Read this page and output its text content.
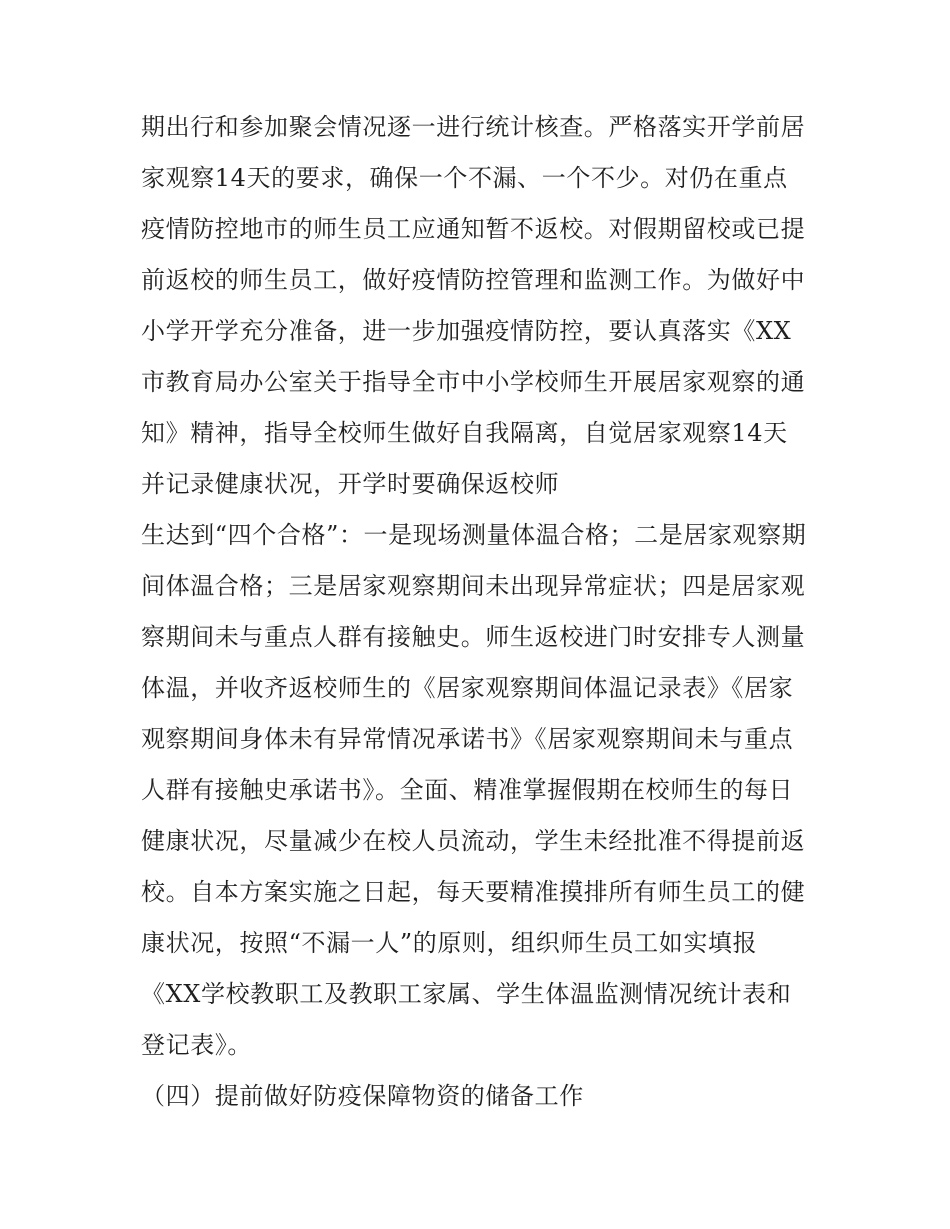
期出行和参加聚会情况逐一进行统计核查。严格落实开学前居

家观察14天的要求，确保一个不漏、一个不少。对仍在重点

疫情防控地市的师生员工应通知暂不返校。对假期留校或已提

前返校的师生员工，做好疫情防控管理和监测工作。为做好中

小学开学充分准备，进一步加强疫情防控，要认真落实《XX

市教育局办公室关于指导全市中小学校师生开展居家观察的通

知》精神，指导全校师生做好自我隔离，自觉居家观察14天

并记录健康状况，开学时要确保返校师

生达到“四个合格”：一是现场测量体温合格；二是居家观察期

间体温合格；三是居家观察期间未出现异常症状；四是居家观

察期间未与重点人群有接触史。师生返校进门时安排专人测量

体温，并收齐返校师生的《居家观察期间体温记录表》《居家

观察期间身体未有异常情况承诺书》《居家观察期间未与重点

人群有接触史承诺书》。全面、精准掌握假期在校师生的每日

健康状况，尽量减少在校人员流动，学生未经批准不得提前返

校。自本方案实施之日起，每天要精准摸排所有师生员工的健

康状况，按照“不漏一人”的原则，组织师生员工如实填报

《XX学校教职工及教职工家属、学生体温监测情况统计表和

登记表》。

（四）提前做好防疫保障物资的储备工作
